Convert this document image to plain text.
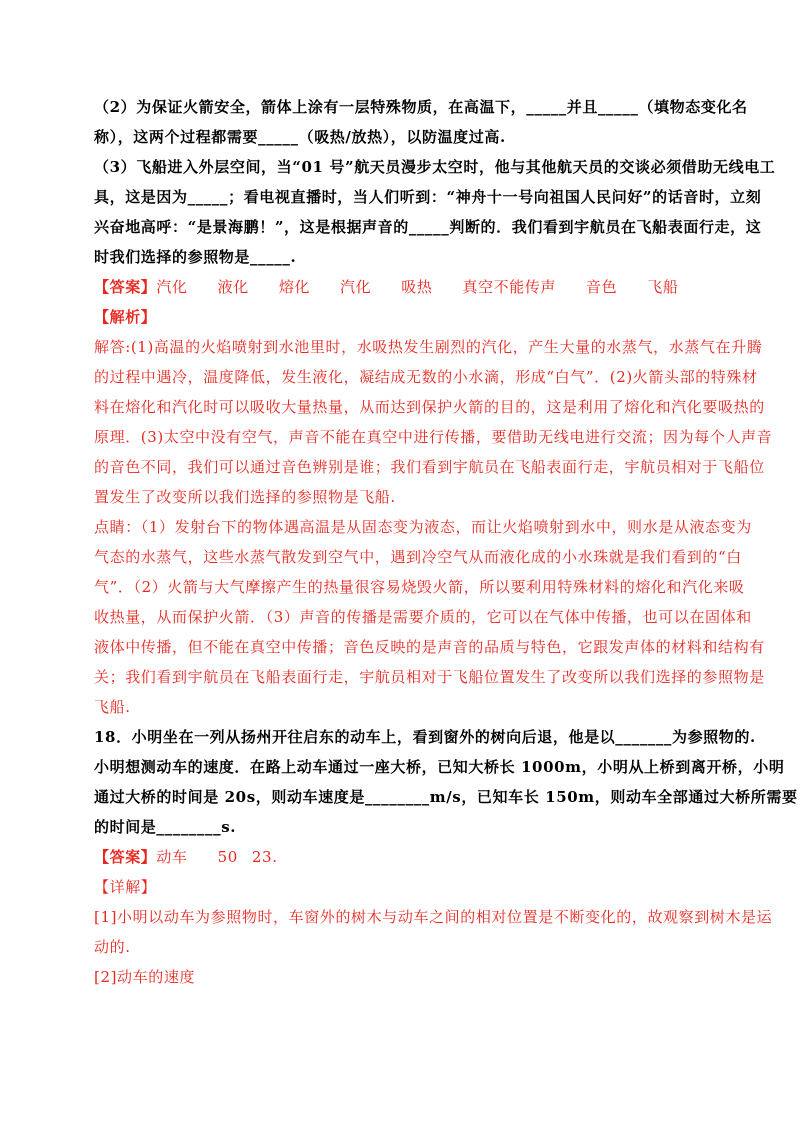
（2）为保证火箭安全，箭体上涂有一层特殊物质，在高温下，_____并且_____（填物态变化名
称），这两个过程都需要_____（吸热/放热），以防温度过高.
（3）飞船进入外层空间，当“01 号”航天员漫步太空时，他与其他航天员的交谈必须借助无线电工
具，这是因为_____；看电视直播时，当人们听到：“神舟十一号向祖国人民问好”的话音时，立刻
兴奋地高呼：“是景海鹏！”，这是根据声音的_____判断的．我们看到宇航员在飞船表面行走，这
时我们选择的参照物是_____.
【答案】汽化 液化 熔化 汽化 吸热 真空不能传声 音色 飞船
【解析】
解答:(1)高温的火焰喷射到水池里时，水吸热发生剧烈的汽化，产生大量的水蒸气，水蒸气在升腾
的过程中遇冷，温度降低，发生液化，凝结成无数的小水滴，形成“白气”．(2)火箭头部的特殊材
料在熔化和汽化时可以吸收大量热量，从而达到保护火箭的目的，这是利用了熔化和汽化要吸热的
原理．(3)太空中没有空气，声音不能在真空中进行传播，要借助无线电进行交流；因为每个人声音
的音色不同，我们可以通过音色辨别是谁；我们看到宇航员在飞船表面行走，宇航员相对于飞船位
置发生了改变所以我们选择的参照物是飞船.
点睛：（1）发射台下的物体遇高温是从固态变为液态，而让火焰喷射到水中，则水是从液态变为
气态的水蒸气，这些水蒸气散发到空气中，遇到冷空气从而液化成的小水珠就是我们看到的“白
气”．（2）火箭与大气摩擦产生的热量很容易烧毁火箭，所以要利用特殊材料的熔化和汽化来吸
收热量，从而保护火箭．（3）声音的传播是需要介质的，它可以在气体中传播，也可以在固体和
液体中传播，但不能在真空中传播；音色反映的是声音的品质与特色，它跟发声体的材料和结构有
关；我们看到宇航员在飞船表面行走，宇航员相对于飞船位置发生了改变所以我们选择的参照物是
飞船.
18．小明坐在一列从扬州开往启东的动车上，看到窗外的树向后退，他是以_______为参照物的.
小明想测动车的速度．在路上动车通过一座大桥，已知大桥长 1000m，小明从上桥到离开桥，小明
通过大桥的时间是 20s，则动车速度是________m/s，已知车长 150m，则动车全部通过大桥所需要
的时间是________s.
【答案】动车 50 23.
【详解】
[1]小明以动车为参照物时，车窗外的树木与动车之间的相对位置是不断变化的，故观察到树木是运
动的.
[2]动车的速度
